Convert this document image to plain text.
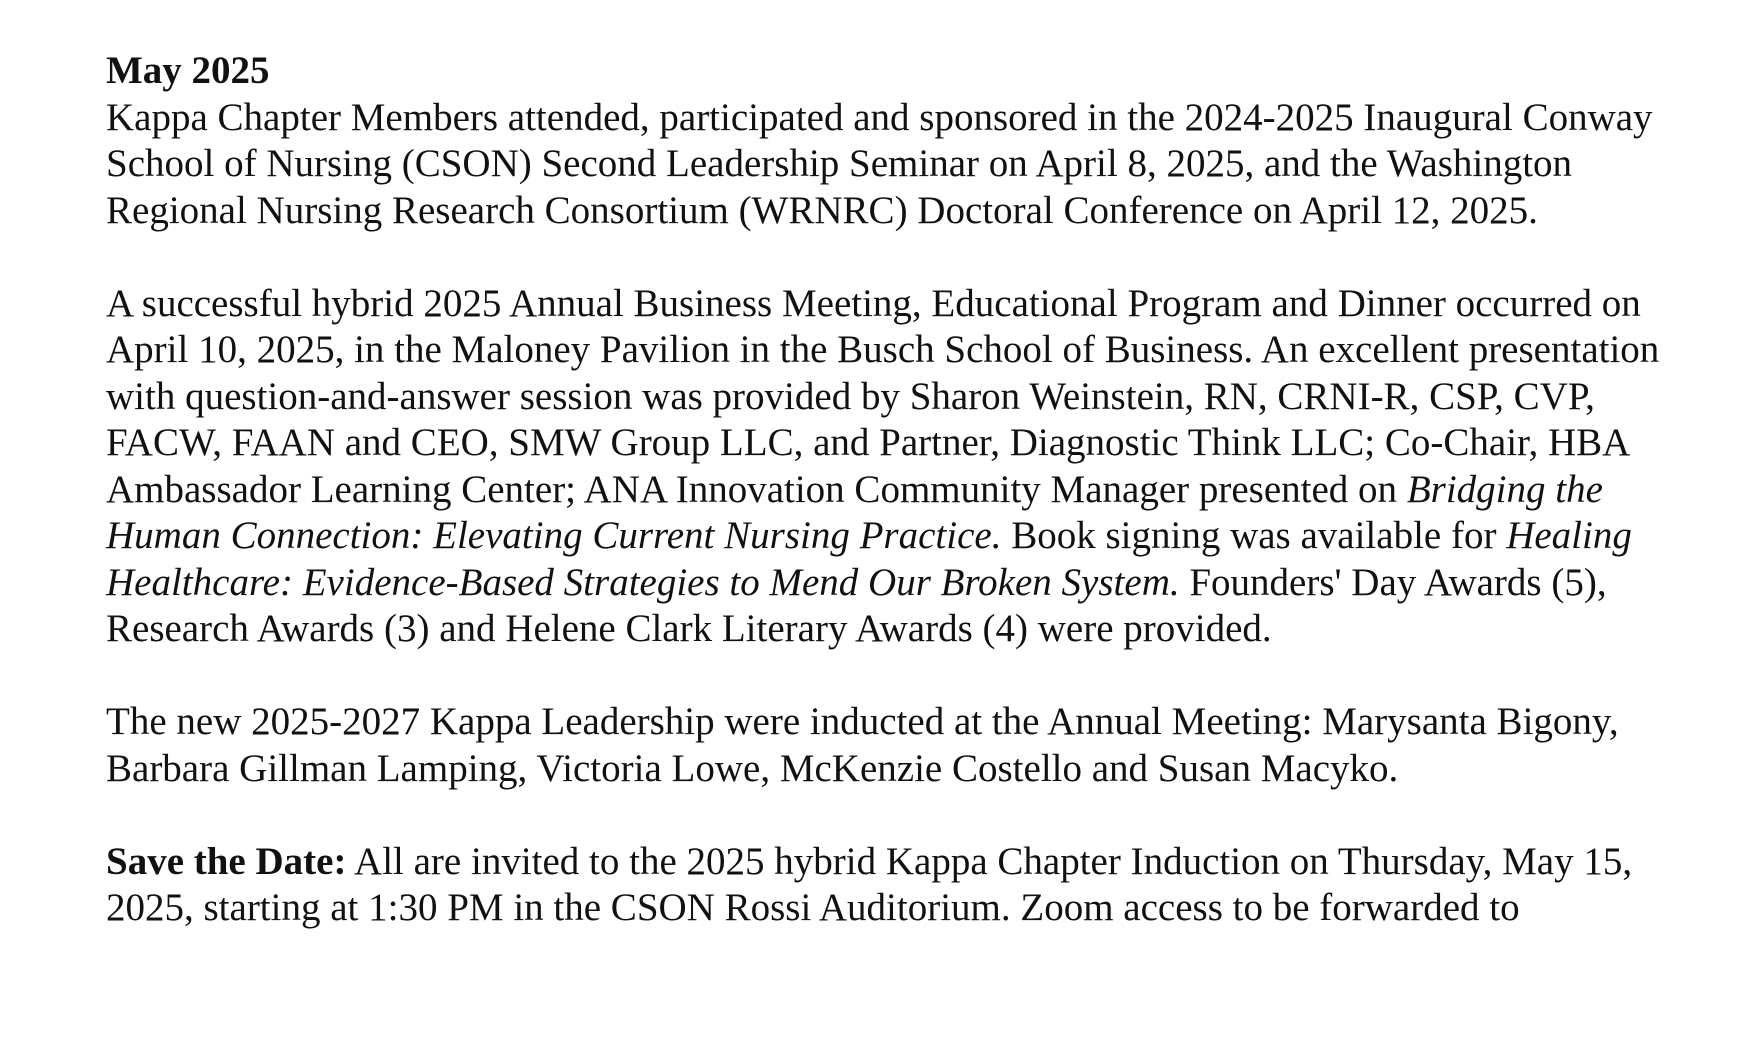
May 2025

Kappa Chapter Members attended, participated and sponsored in the 2024-2025 Inaugural Conway School of Nursing (CSON) Second Leadership Seminar on April 8, 2025, and the Washington Regional Nursing Research Consortium (WRNRC) Doctoral Conference on April 12, 2025.

A successful hybrid 2025 Annual Business Meeting, Educational Program and Dinner occurred on April 10, 2025, in the Maloney Pavilion in the Busch School of Business. An excellent presentation with question-and-answer session was provided by Sharon Weinstein, RN, CRNI-R, CSP, CVP, FACW, FAAN and CEO, SMW Group LLC, and Partner, Diagnostic Think LLC; Co-Chair, HBA Ambassador Learning Center; ANA Innovation Community Manager presented on Bridging the Human Connection: Elevating Current Nursing Practice. Book signing was available for Healing Healthcare: Evidence-Based Strategies to Mend Our Broken System. Founders' Day Awards (5), Research Awards (3) and Helene Clark Literary Awards (4) were provided.

The new 2025-2027 Kappa Leadership were inducted at the Annual Meeting: Marysanta Bigony, Barbara Gillman Lamping, Victoria Lowe, McKenzie Costello and Susan Macyko.

Save the Date: All are invited to the 2025 hybrid Kappa Chapter Induction on Thursday, May 15, 2025, starting at 1:30 PM in the CSON Rossi Auditorium. Zoom access to be forwarded to
